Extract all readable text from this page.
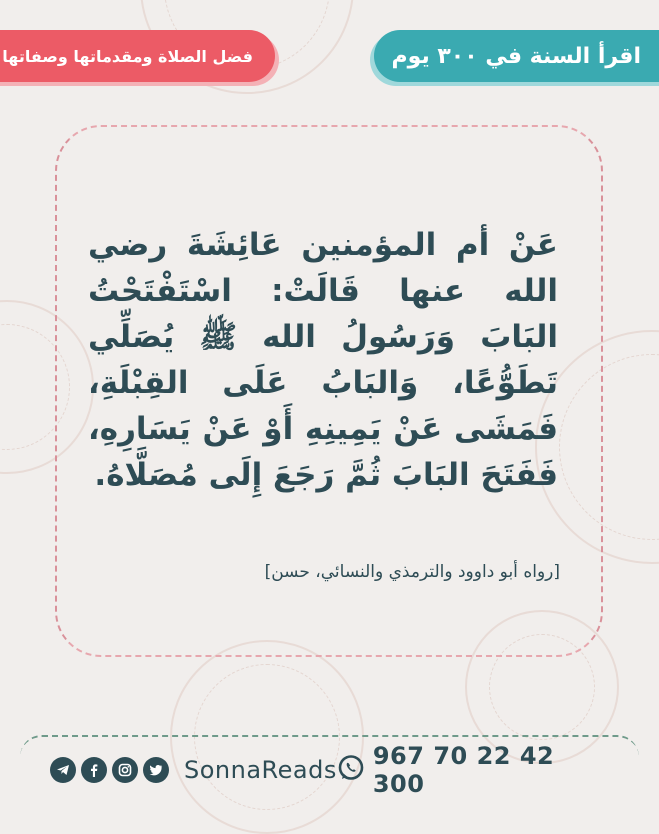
اقرأ السنة في ٣٠٠ يوم
فضل الصلاة ومقدماتها وصفاتها
عَنْ أم المؤمنين عَائِشَةَ رضي الله عنها قَالَتْ: اسْتَفْتَحْتُ البَابَ وَرَسُولُ الله ﷺ يُصَلِّي تَطَوُّعًا، وَالبَابُ عَلَى القِبْلَةِ، فَمَشَى عَنْ يَمِينِهِ أَوْ عَنْ يَسَارِهِ، فَفَتَحَ البَابَ ثُمَّ رَجَعَ إِلَى مُصَلَّاهُ.
[رواه أبو داوود والترمذي والنسائي، حسن]
SonnaReads 967 70 22 42 300
